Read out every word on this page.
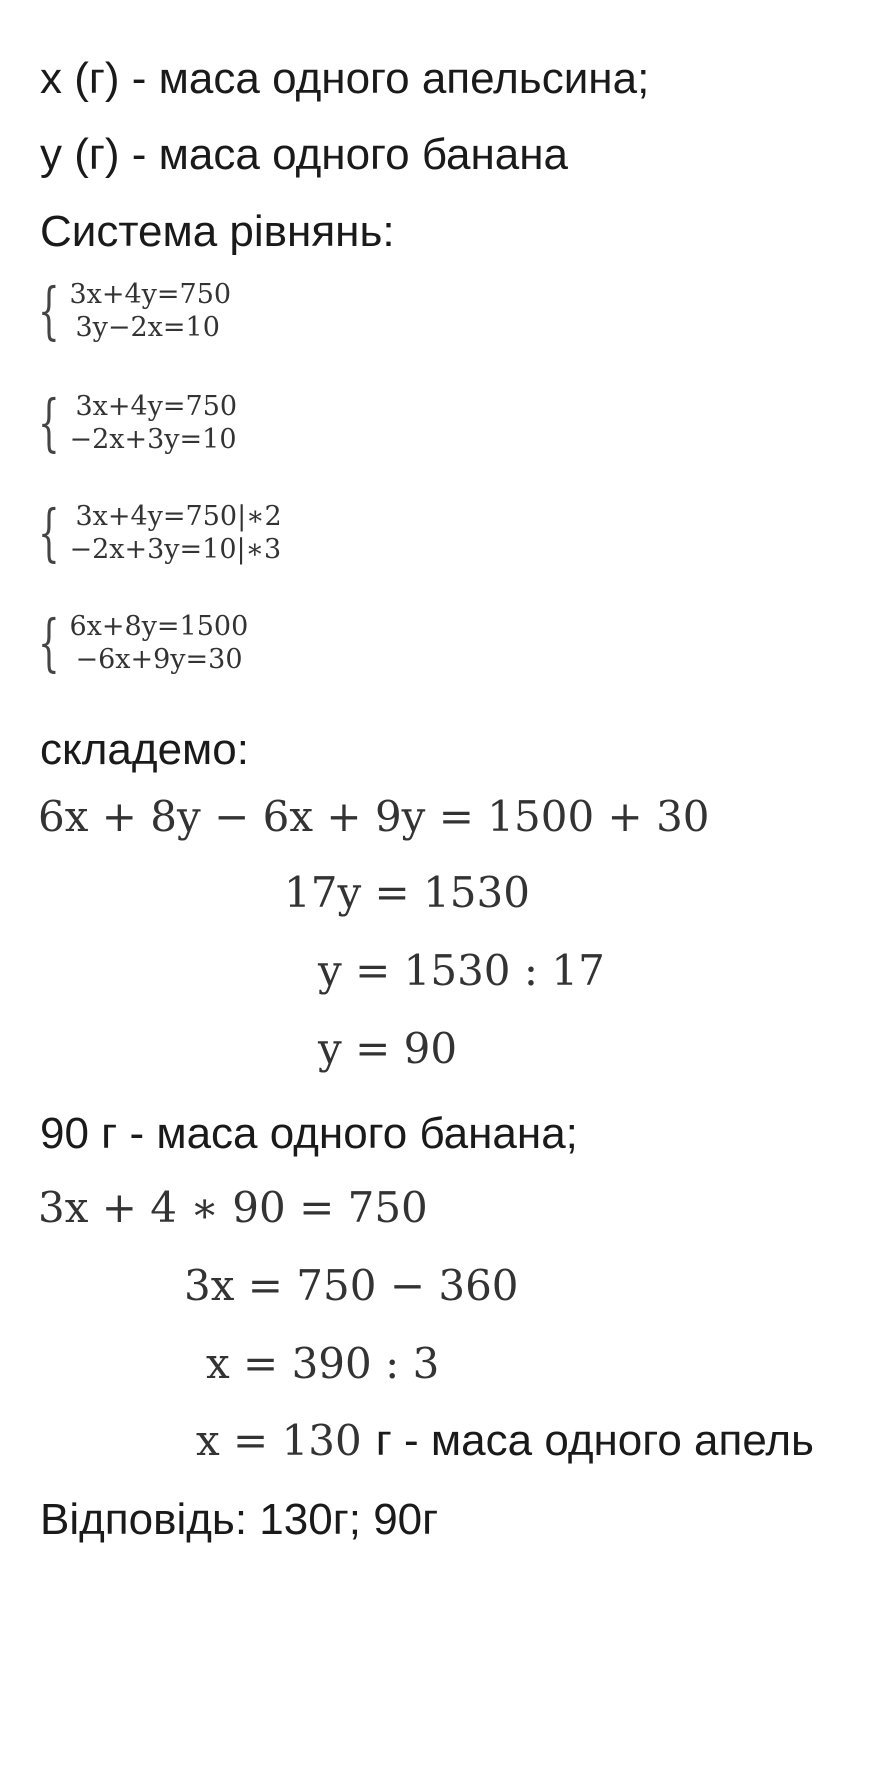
x (г) - маса одного апельсина;
y (г) - маса одного банана
Система рівнянь:
{ 3x+4y=750
3y−2x=10
{ 3x+4y=750
−2x+3y=10
{ 3x+4y=750|∗2
−2x+3y=10|∗3
{ 6x+8y=1500
−6x+9y=30
складемо:
6x + 8y − 6x + 9y = 1500 + 30
17y = 1530
y = 1530 : 17
y = 90
90 г - маса одного банана;
3x + 4 ∗ 90 = 750
3x = 750 − 360
x = 390 : 3
x = 130 г - маса одного апель
Відповідь: 130г; 90г
